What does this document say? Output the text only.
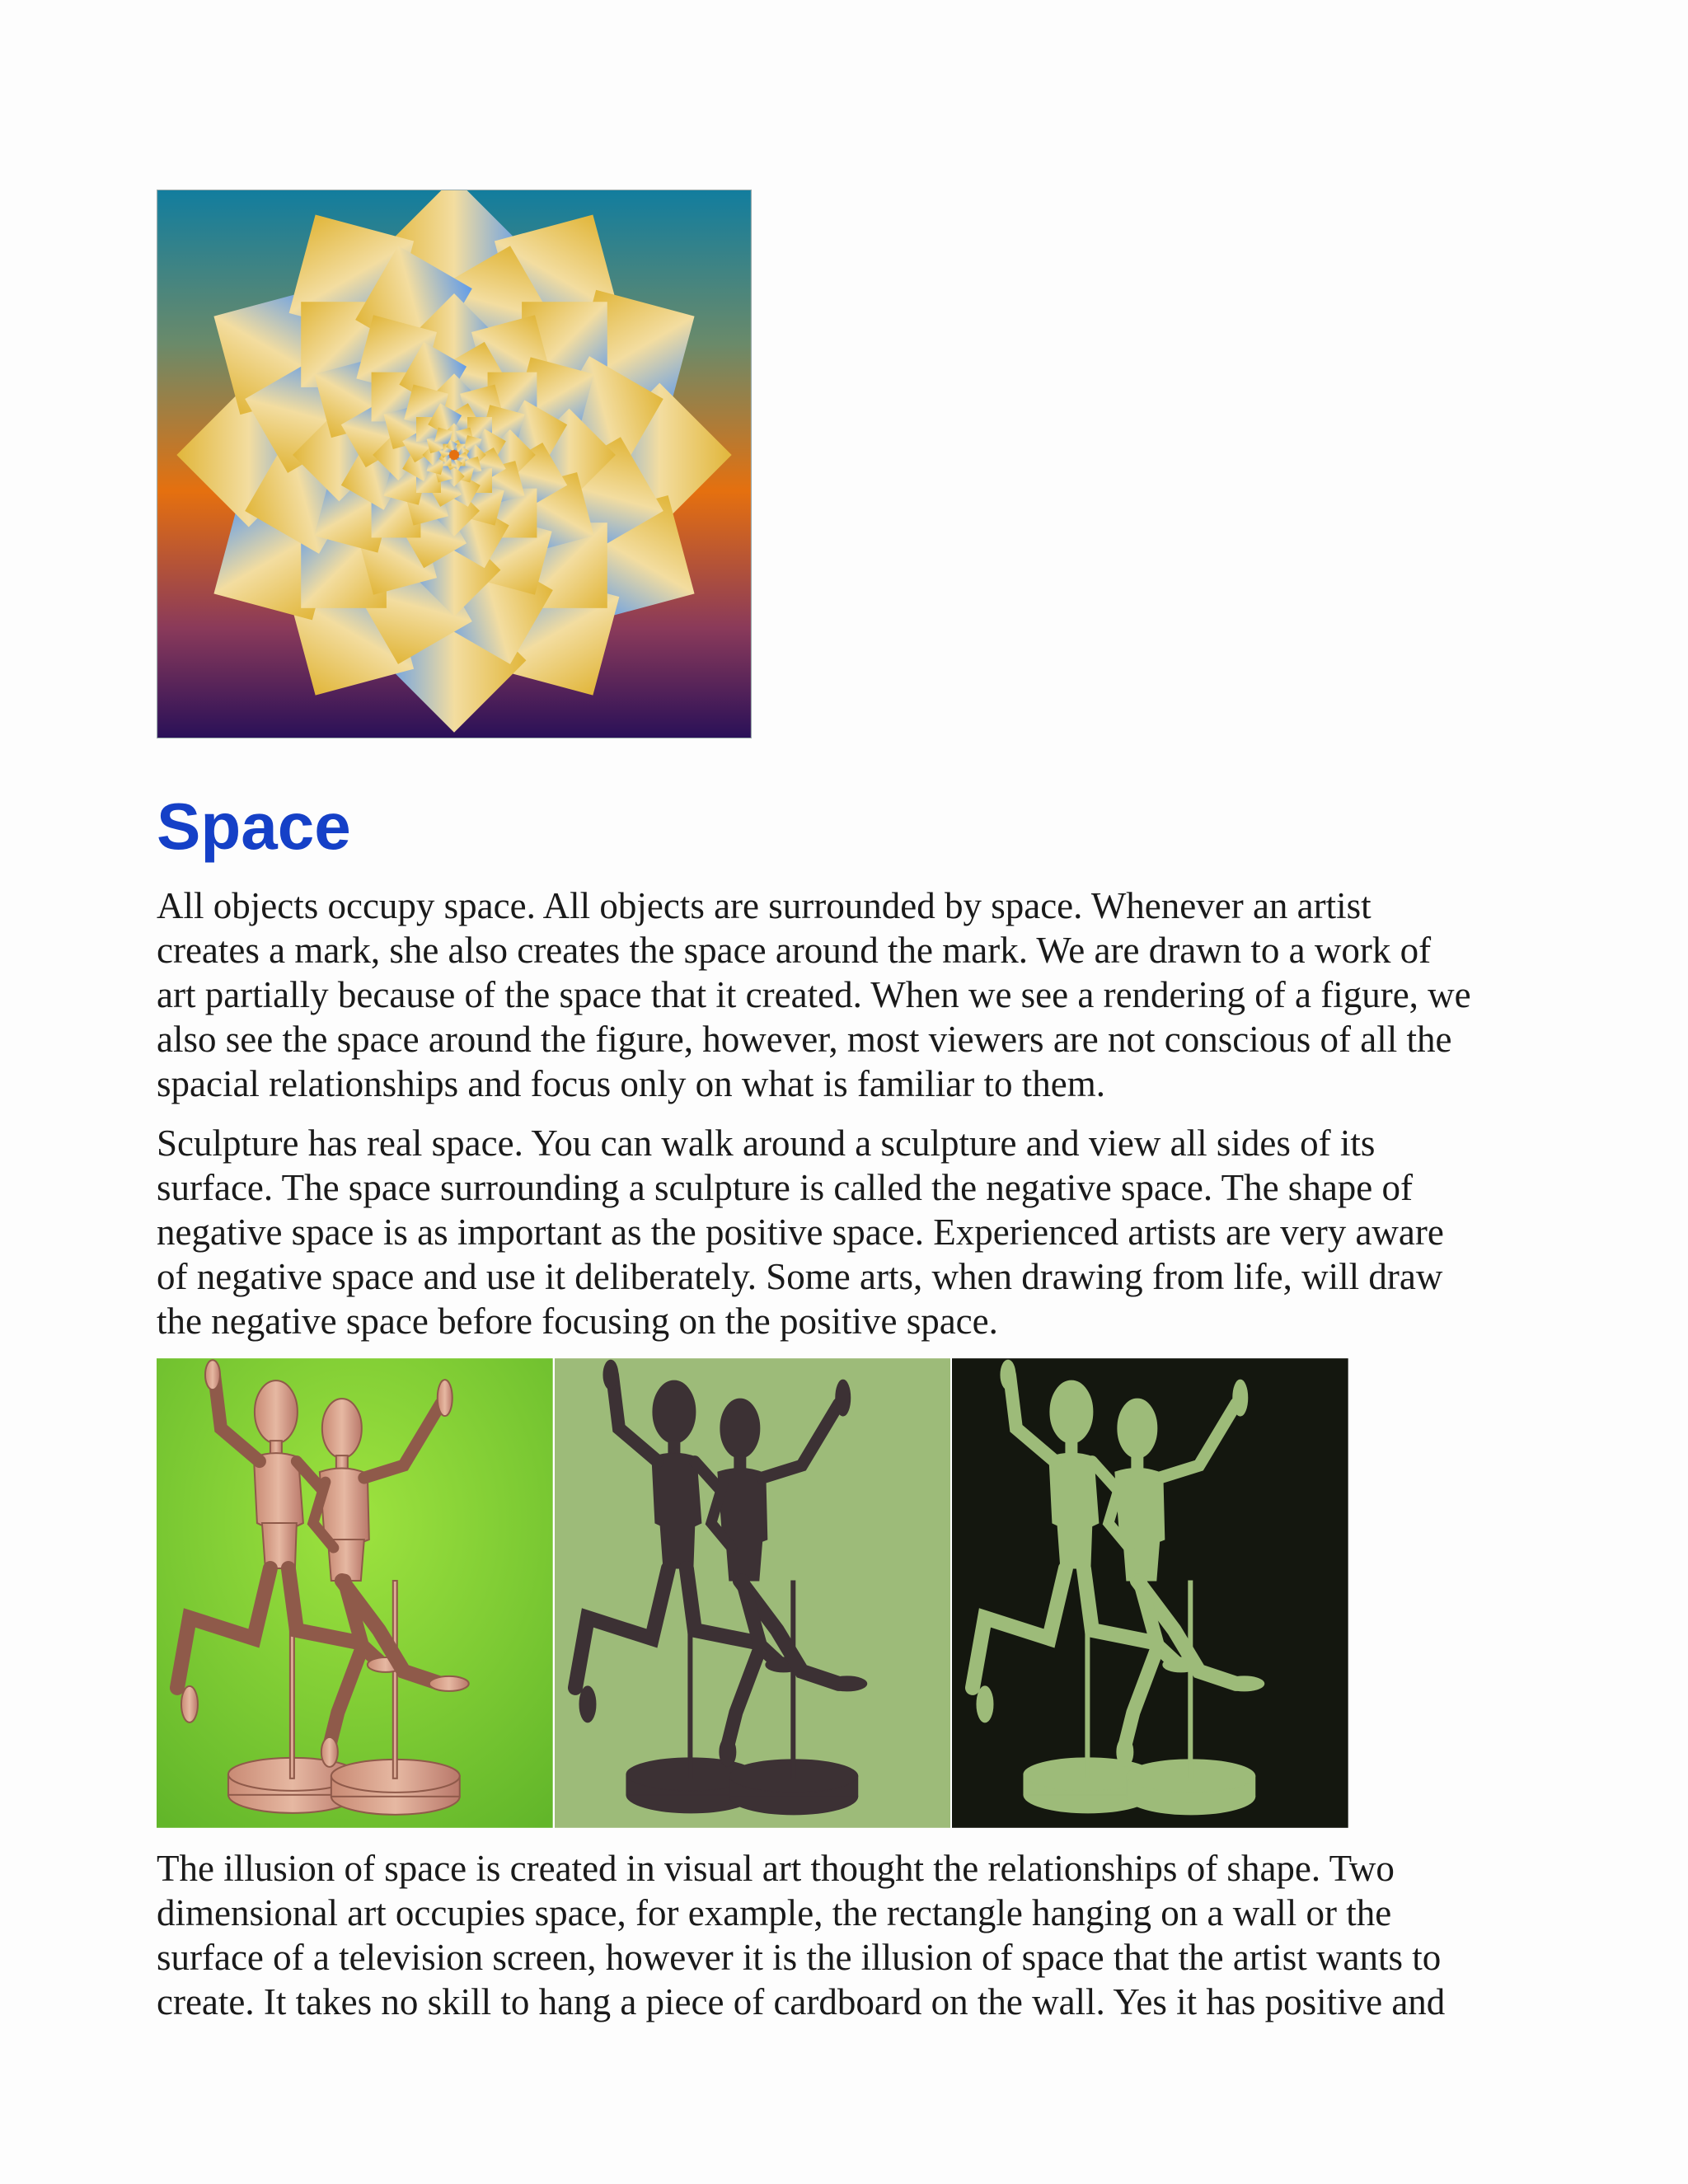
Space

All objects occupy space. All objects are surrounded by space. Whenever an artist
creates a mark, she also creates the space around the mark. We are drawn to a work of
art partially because of the space that it created. When we see a rendering of a figure, we
also see the space around the figure, however, most viewers are not conscious of all the
spacial relationships and focus only on what is familiar to them.

Sculpture has real space. You can walk around a sculpture and view all sides of its
surface. The space surrounding a sculpture is called the negative space. The shape of
negative space is as important as the positive space. Experienced artists are very aware
of negative space and use it deliberately. Some arts, when drawing from life, will draw
the negative space before focusing on the positive space.

The illusion of space is created in visual art thought the relationships of shape. Two
dimensional art occupies space, for example, the rectangle hanging on a wall or the
surface of a television screen, however it is the illusion of space that the artist wants to
create. It takes no skill to hang a piece of cardboard on the wall. Yes it has positive and
